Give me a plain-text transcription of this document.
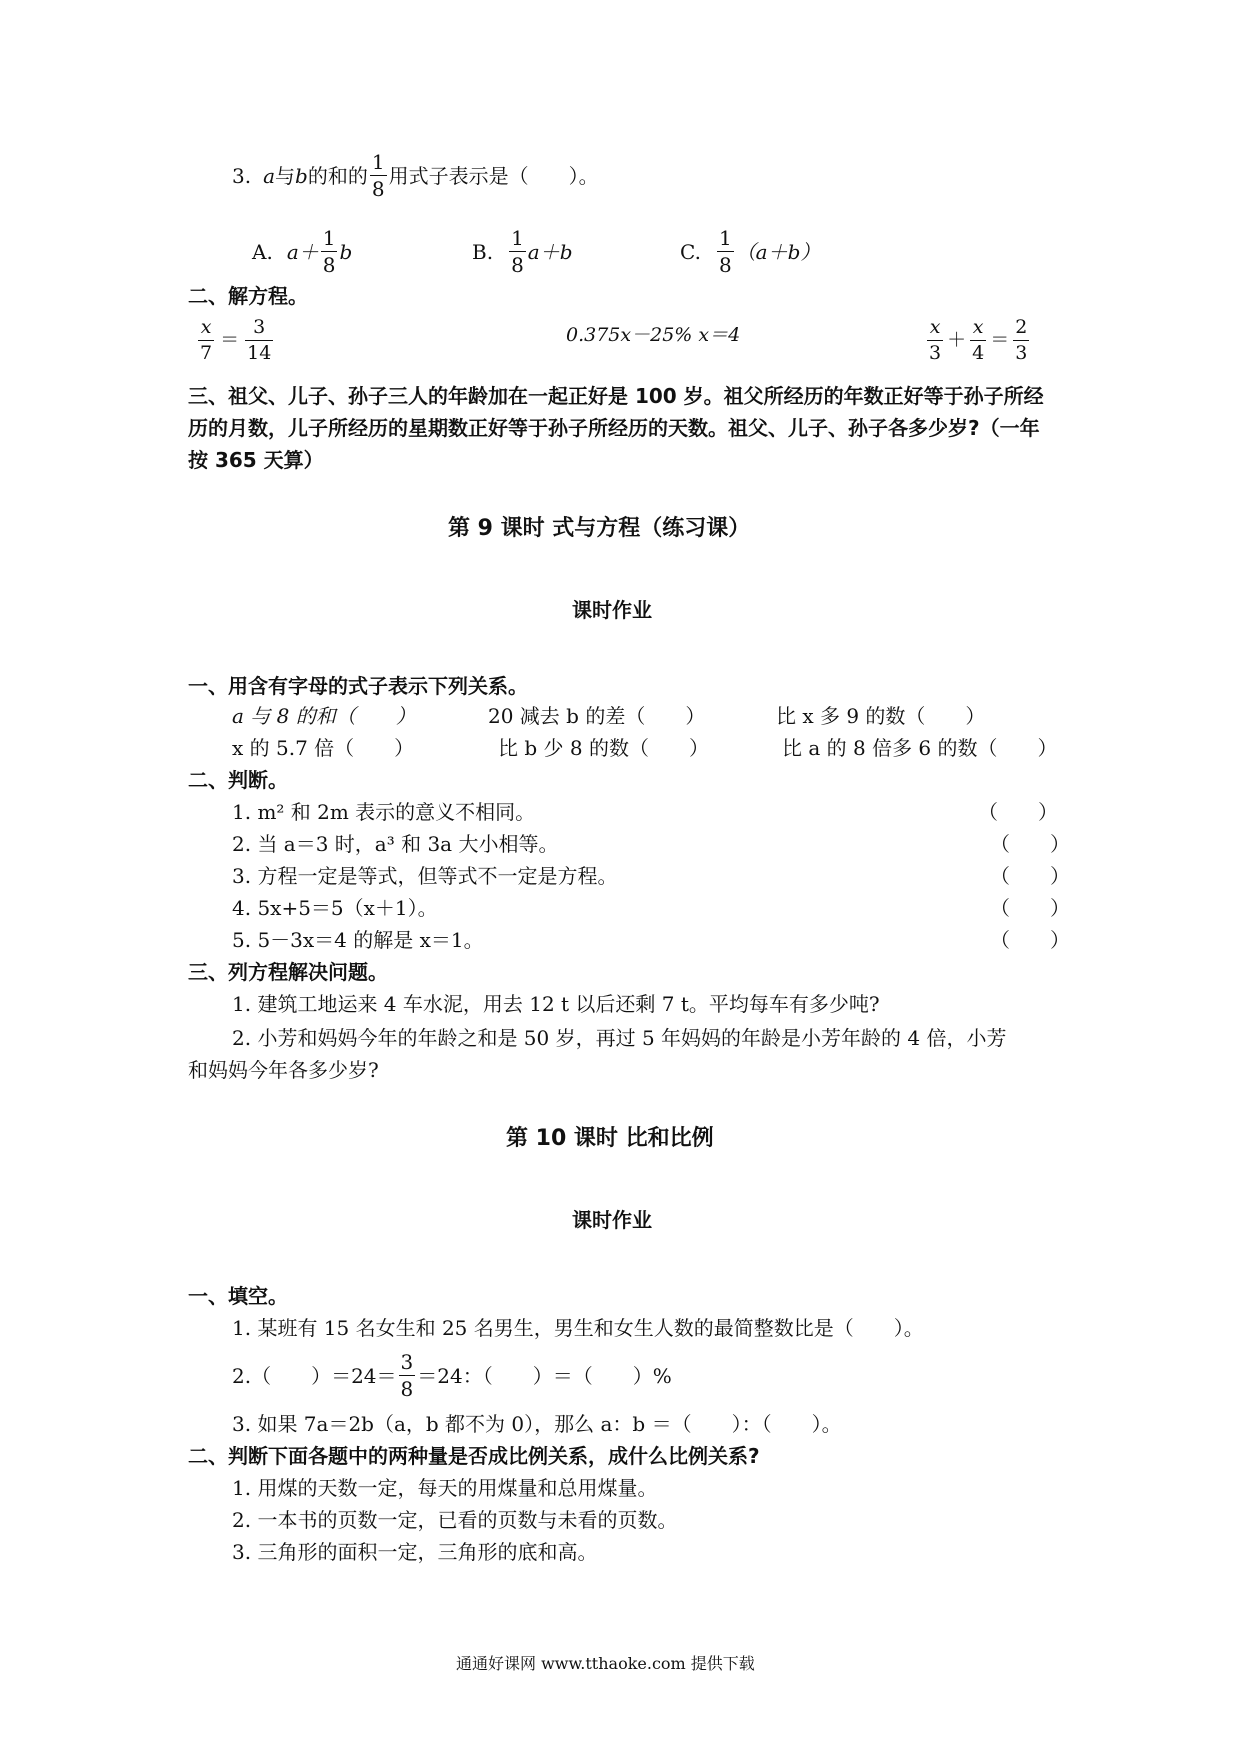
3. a 与 b 的和的 $\frac{1}{8}$ 用式子表示是（　　）。
A. $a+ \frac{1}{8}$ b	B. $\frac{1}{8} a+b$	C. $\frac{1}{8} (a+b)$
二、解方程。
$\frac{x}{7} = \frac{3}{14}$	0.375x－25% x＝4	$\frac{x}{3} + \frac{x}{4} = \frac{2}{3}$
三、祖父、儿子、孙子三人的年龄加在一起正好是 100 岁。祖父所经历的年数正好等于孙子所经历的月数，儿子所经历的星期数正好等于孙子所经历的天数。祖父、儿子、孙子各多少岁?（一年按 365 天算）
第 9 课时 式与方程（练习课）
课时作业
一、用含有字母的式子表示下列关系。
a 与 8 的和（　　）	20 减去 b 的差（　　）	比 x 多 9 的数（　　）
x 的 5.7 倍（　　）	比 b 少 8 的数（　　）	比 a 的 8 倍多 6 的数（　　）
二、判断。
1. m² 和 2m 表示的意义不相同。	（　　）
2. 当 a＝3 时，a³ 和 3a 大小相等。	（　　）
3. 方程一定是等式，但等式不一定是方程。	（　　）
4. 5x+5＝5（x＋1）。	（　　）
5. 5－3x＝4 的解是 x＝1。	（　　）
三、列方程解决问题。
1. 建筑工地运来 4 车水泥，用去 12 t 以后还剩 7 t。平均每车有多少吨?
2. 小芳和妈妈今年的年龄之和是 50 岁，再过 5 年妈妈的年龄是小芳年龄的 4 倍，小芳
和妈妈今年各多少岁?
第 10 课时 比和比例
课时作业
一、填空。
1. 某班有 15 名女生和 25 名男生，男生和女生人数的最简整数比是（　　）。
2.（　　）$=24= \frac{3}{8} =24$：（　　）＝（　　）%
3. 如果 7a＝2b（a，b 都不为 0），那么 a：b ＝（　　）：（　　）。
二、判断下面各题中的两种量是否成比例关系，成什么比例关系?
1. 用煤的天数一定，每天的用煤量和总用煤量。
2. 一本书的页数一定，已看的页数与未看的页数。
3. 三角形的面积一定，三角形的底和高。
通通好课网 www.tthaoke.com 提供下载
